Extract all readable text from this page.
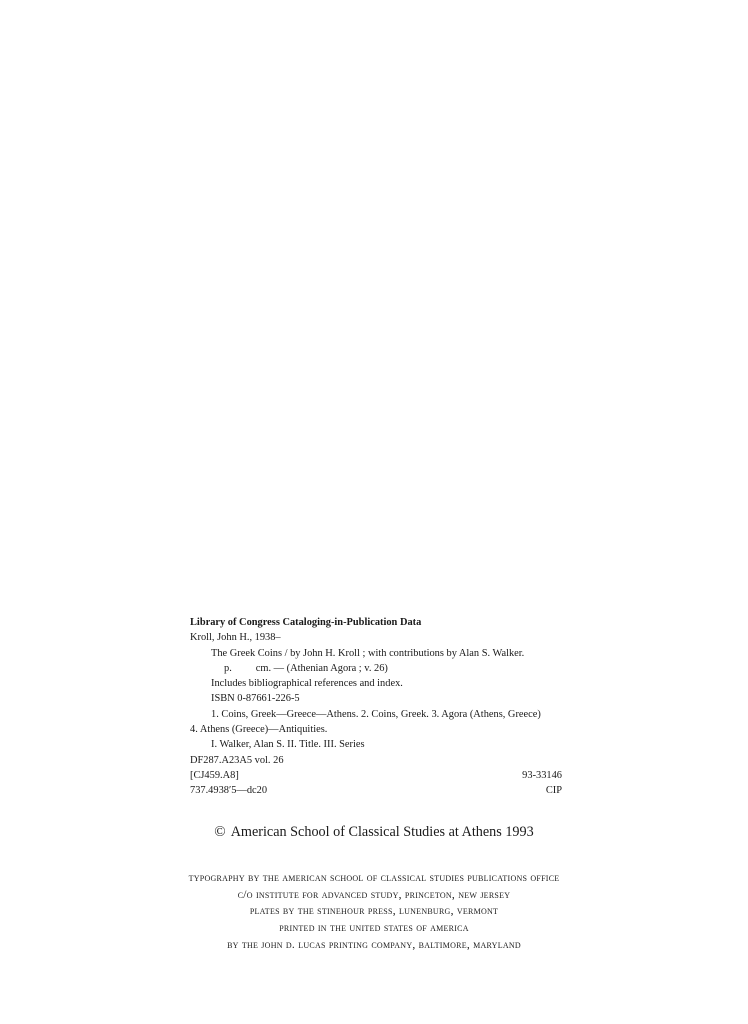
Library of Congress Cataloging-in-Publication Data
Kroll, John H., 1938–
The Greek Coins / by John H. Kroll ; with contributions by Alan S. Walker.
p. cm. — (Athenian Agora ; v. 26)
Includes bibliographical references and index.
ISBN 0-87661-226-5
1. Coins, Greek—Greece—Athens. 2. Coins, Greek. 3. Agora (Athens, Greece)
4. Athens (Greece)—Antiquities.
I. Walker, Alan S. II. Title. III. Series
DF287.A23A5 vol. 26
[CJ459.A8]	93-33146
737.4938′5—dc20	CIP
© American School of Classical Studies at Athens 1993
typography by the american school of classical studies publications office
c/o institute for advanced study, princeton, new jersey
plates by the stinehour press, lunenburg, vermont
printed in the united states of america
by the john d. lucas printing company, baltimore, maryland
